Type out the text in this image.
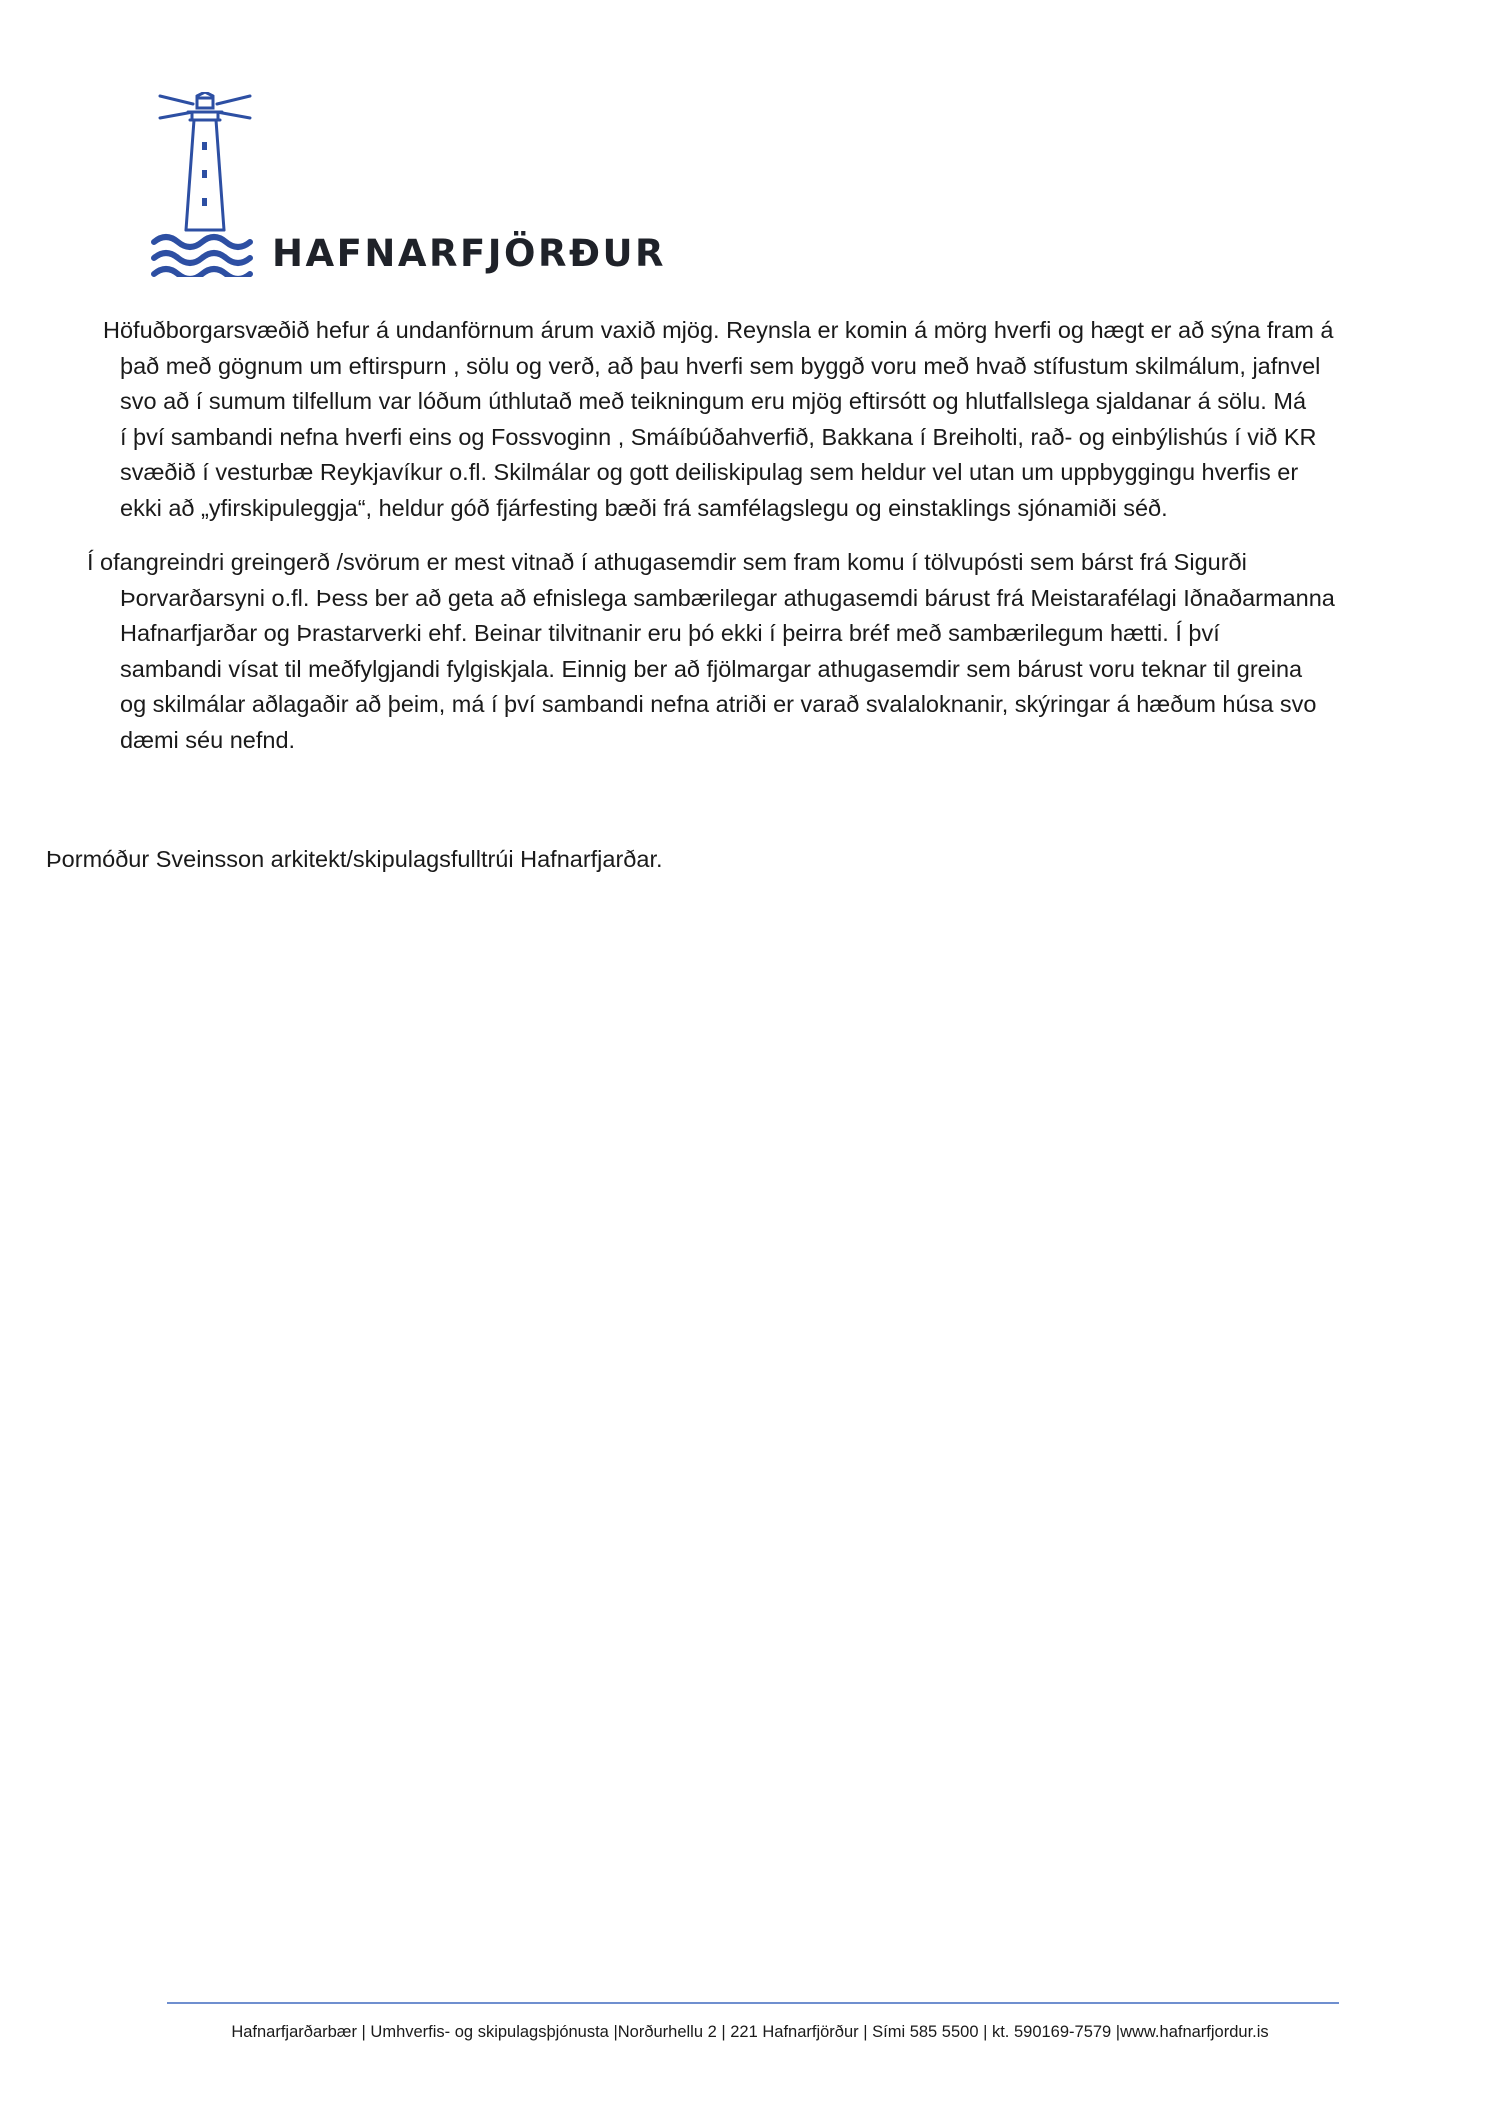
HAFNARFJÖRÐUR
Höfuðborgarsvæðið hefur á undanförnum árum vaxið mjög. Reynsla er komin á mörg hverfi og hægt er að sýna fram á
það með gögnum um eftirspurn , sölu og verð, að þau hverfi sem byggð voru með hvað stífustum skilmálum, jafnvel
svo að í sumum tilfellum var lóðum úthlutað með teikningum eru mjög eftirsótt og hlutfallslega sjaldanar á sölu. Má
í því sambandi nefna hverfi eins og Fossvoginn , Smáíbúðahverfið, Bakkana í Breiholti, rað- og einbýlishús í við KR
svæðið í vesturbæ Reykjavíkur o.fl. Skilmálar og gott deiliskipulag sem heldur vel utan um uppbyggingu hverfis er
ekki að „yfirskipuleggja“, heldur góð fjárfesting bæði frá samfélagslegu og einstaklings sjónamiði séð.
Í ofangreindri greingerð /svörum er mest vitnað í athugasemdir sem fram komu í tölvupósti sem bárst frá Sigurði
Þorvarðarsyni o.fl. Þess ber að geta að efnislega sambærilegar athugasemdi bárust frá Meistarafélagi Iðnaðarmanna
Hafnarfjarðar og Þrastarverki ehf. Beinar tilvitnanir eru þó ekki í þeirra bréf með sambærilegum hætti. Í því
sambandi vísat til meðfylgjandi fylgiskjala. Einnig ber að fjölmargar athugasemdir sem bárust voru teknar til greina
og skilmálar aðlagaðir að þeim, má í því sambandi nefna atriði er varað svalaloknanir, skýringar á hæðum húsa svo
dæmi séu nefnd.
Þormóður Sveinsson arkitekt/skipulagsfulltrúi Hafnarfjarðar.
Hafnarfjarðarbær | Umhverfis- og skipulagsþjónusta |Norðurhellu 2 | 221 Hafnarfjörður | Sími 585 5500 | kt. 590169-7579 |www.hafnarfjordur.is
